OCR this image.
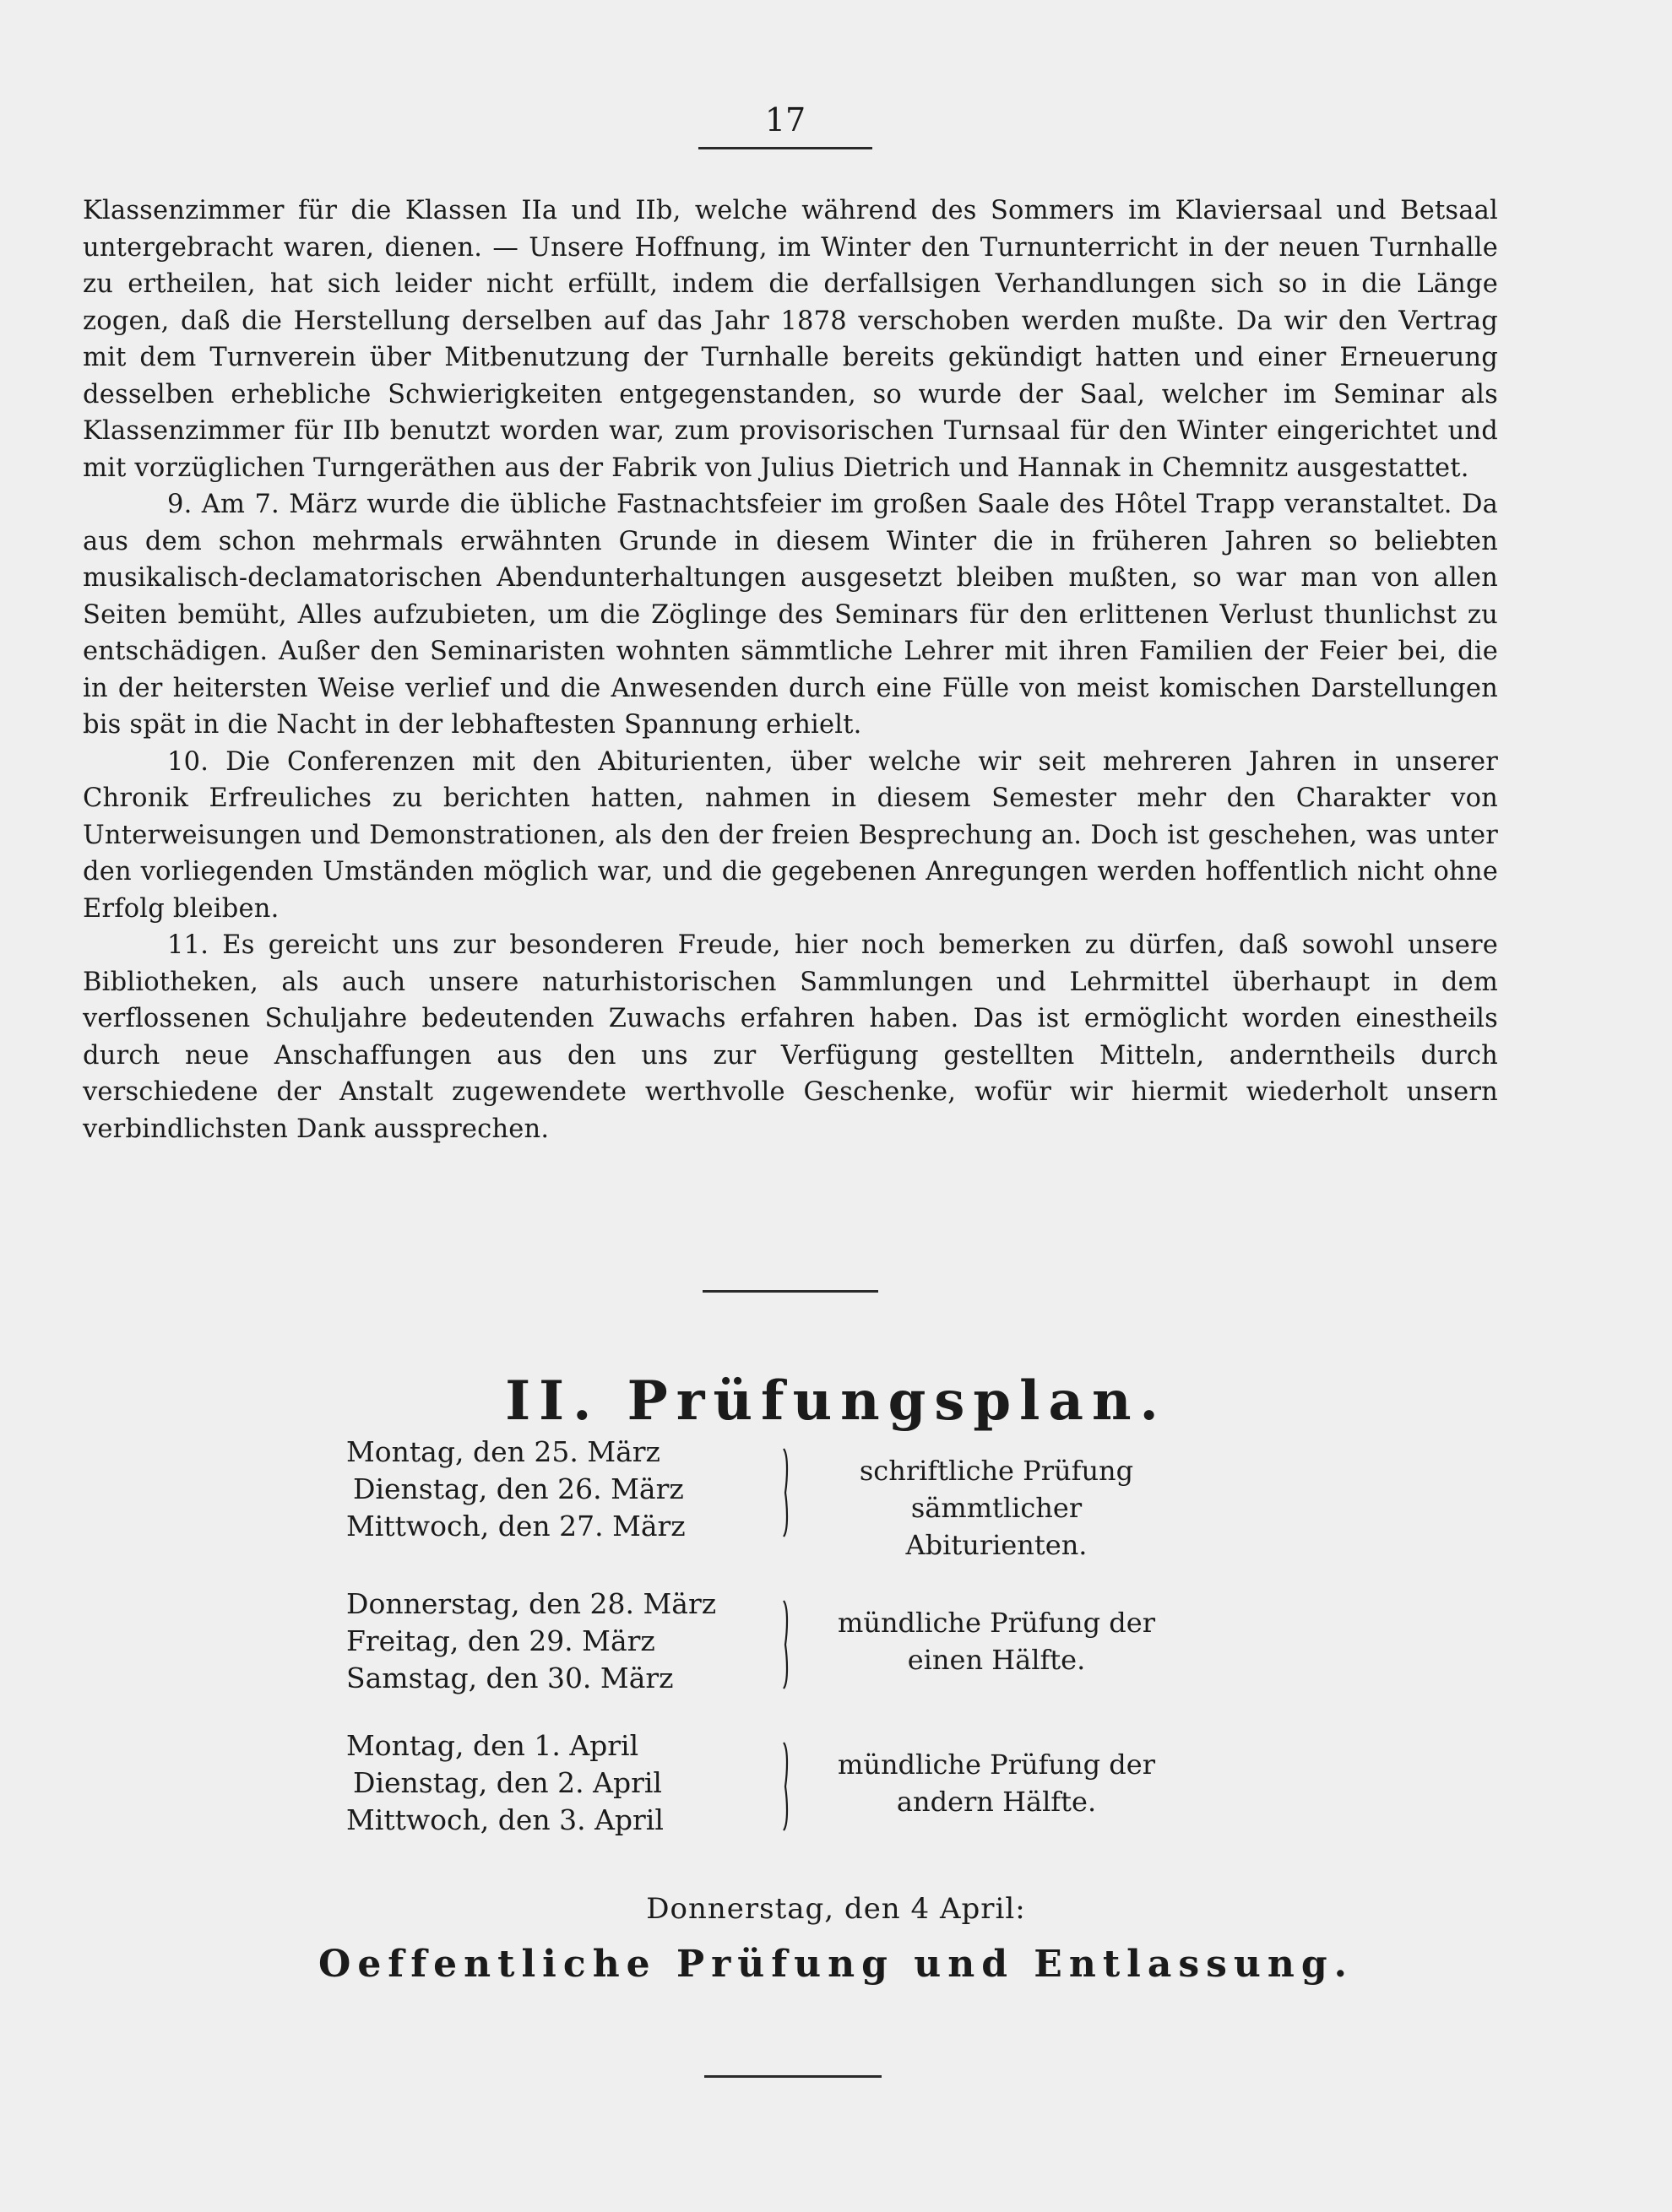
17

Klassenzimmer für die Klassen IIa und IIb, welche während des Sommers im Klaviersaal und Betsaal untergebracht waren, dienen. — Unsere Hoffnung, im Winter den Turnunterricht in der neuen Turnhalle zu ertheilen, hat sich leider nicht erfüllt, indem die derfallsigen Verhandlungen sich so in die Länge zogen, daß die Herstellung derselben auf das Jahr 1878 verschoben werden mußte. Da wir den Vertrag mit dem Turnverein über Mitbenutzung der Turnhalle bereits gekündigt hatten und einer Erneuerung desselben erhebliche Schwierigkeiten entgegenstanden, so wurde der Saal, welcher im Seminar als Klassenzimmer für IIb benutzt worden war, zum provisorischen Turnsaal für den Winter eingerichtet und mit vorzüglichen Turngeräthen aus der Fabrik von Julius Dietrich und Hannak in Chemnitz ausgestattet.

9. Am 7. März wurde die übliche Fastnachtsfeier im großen Saale des Hôtel Trapp veranstaltet. Da aus dem schon mehrmals erwähnten Grunde in diesem Winter die in früheren Jahren so beliebten musikalisch-declamatorischen Abendunterhaltungen ausgesetzt bleiben mußten, so war man von allen Seiten bemüht, Alles aufzubieten, um die Zöglinge des Seminars für den erlittenen Verlust thunlichst zu entschädigen. Außer den Seminaristen wohnten sämmtliche Lehrer mit ihren Familien der Feier bei, die in der heitersten Weise verlief und die Anwesenden durch eine Fülle von meist komischen Darstellungen bis spät in die Nacht in der lebhaftesten Spannung erhielt.

10. Die Conferenzen mit den Abiturienten, über welche wir seit mehreren Jahren in unserer Chronik Erfreuliches zu berichten hatten, nahmen in diesem Semester mehr den Charakter von Unterweisungen und Demonstrationen, als den der freien Besprechung an. Doch ist geschehen, was unter den vorliegenden Umständen möglich war, und die gegebenen Anregungen werden hoffentlich nicht ohne Erfolg bleiben.

11. Es gereicht uns zur besonderen Freude, hier noch bemerken zu dürfen, daß sowohl unsere Bibliotheken, als auch unsere naturhistorischen Sammlungen und Lehrmittel überhaupt in dem verflossenen Schuljahre bedeutenden Zuwachs erfahren haben. Das ist ermöglicht worden einestheils durch neue Anschaffungen aus den uns zur Verfügung gestellten Mitteln, anderntheils durch verschiedene der Anstalt zugewendete werthvolle Geschenke, wofür wir hiermit wiederholt unsern verbindlichsten Dank aussprechen.

II. Prüfungsplan.
Montag, den 25. März
Dienstag, den 26. März
Mittwoch, den 27. März
schriftliche Prüfung
sämmtlicher Abiturienten.
Donnerstag, den 28. März
Freitag, den 29. März
Samstag, den 30. März
mündliche Prüfung der
einen Hälfte.
Montag, den 1. April
Dienstag, den 2. April
Mittwoch, den 3. April
mündliche Prüfung der
andern Hälfte.
Donnerstag, den 4 April:
Oeffentliche Prüfung und Entlassung.
